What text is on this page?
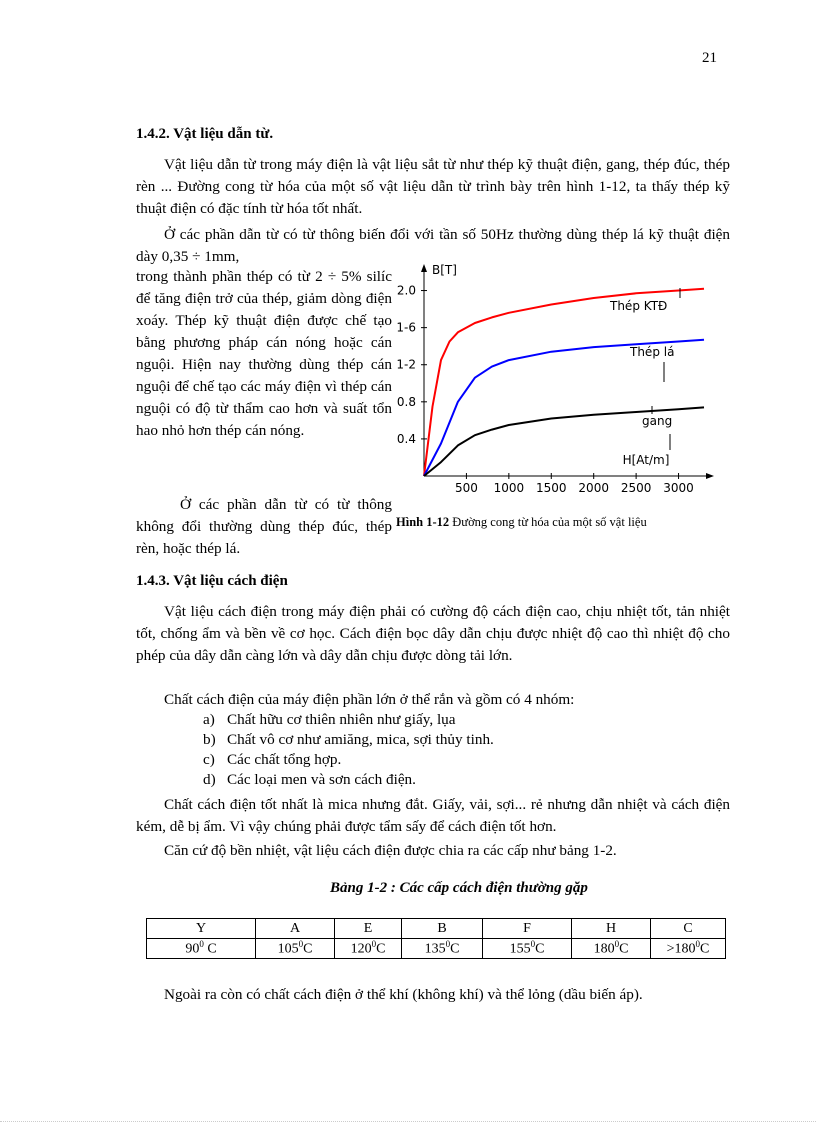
21
1.4.2. Vật liệu dẫn từ.

Vật liệu dẫn từ trong máy điện là vật liệu sắt từ như thép kỹ thuật điện, gang, thép đúc, thép rèn ... Đường cong từ hóa của một số vật liệu dẫn từ trình bày trên hình 1-12, ta thấy thép kỹ thuật điện có đặc tính từ hóa tốt nhất.

Ở các phần dẫn từ có từ thông biến đổi với tần số 50Hz thường dùng thép lá kỹ thuật điện dày 0,35 ÷ 1mm,

trong thành phần thép có từ 2 ÷ 5% silíc để tăng điện trở của thép, giảm dòng điện xoáy. Thép kỹ thuật điện được chế tạo bằng phương pháp cán nóng hoặc cán nguội. Hiện nay thường dùng thép cán nguội để chế tạo các máy điện vì thép cán nguội có độ từ thẩm cao hơn và suất tổn hao nhỏ hơn thép cán nóng.

Ở các phần dẫn từ có từ thông không đổi thường dùng thép đúc, thép rèn, hoặc thép lá.

0.4
0.8
1-2
1-6
2.0
500 1000 1500 2000 2500 3000
B[T]
H[At/m]
Thép KTĐ
Thép lá
gang
Hình 1-12 Đường cong từ hóa của một số vật liệu
1.4.3. Vật liệu cách điện

Vật liệu cách điện trong máy điện phải có cường độ cách điện cao, chịu nhiệt tốt, tản nhiệt tốt, chống ẩm và bền về cơ học. Cách điện bọc dây dẫn chịu được nhiệt độ cao thì nhiệt độ cho phép của dây dẫn càng lớn và dây dẫn chịu được dòng tải lớn.

Chất cách điện của máy điện phần lớn ở thể rắn và gồm có 4 nhóm:

a) Chất hữu cơ thiên nhiên như giấy, lụa
b) Chất vô cơ như amiăng, mica, sợi thủy tinh.
c) Các chất tổng hợp.
d) Các loại men và sơn cách điện.

Chất cách điện tốt nhất là mica nhưng đắt. Giấy, vải, sợi... rẻ nhưng dẫn nhiệt và cách điện kém, dễ bị ẩm. Vì vậy chúng phải được tẩm sấy để cách điện tốt hơn.

Căn cứ độ bền nhiệt, vật liệu cách điện được chia ra các cấp như bảng 1-2.

Bảng 1-2 : Các cấp cách điện thường gặp
Y	A	E	B	F	H	C
$90^0$ C	$105^0C$	$120^0C$	$135^0C$	$155^0C$	$180^0C$	$>180^0C$

Ngoài ra còn có chất cách điện ở thể khí (không khí) và thể lỏng (dầu biến áp).
